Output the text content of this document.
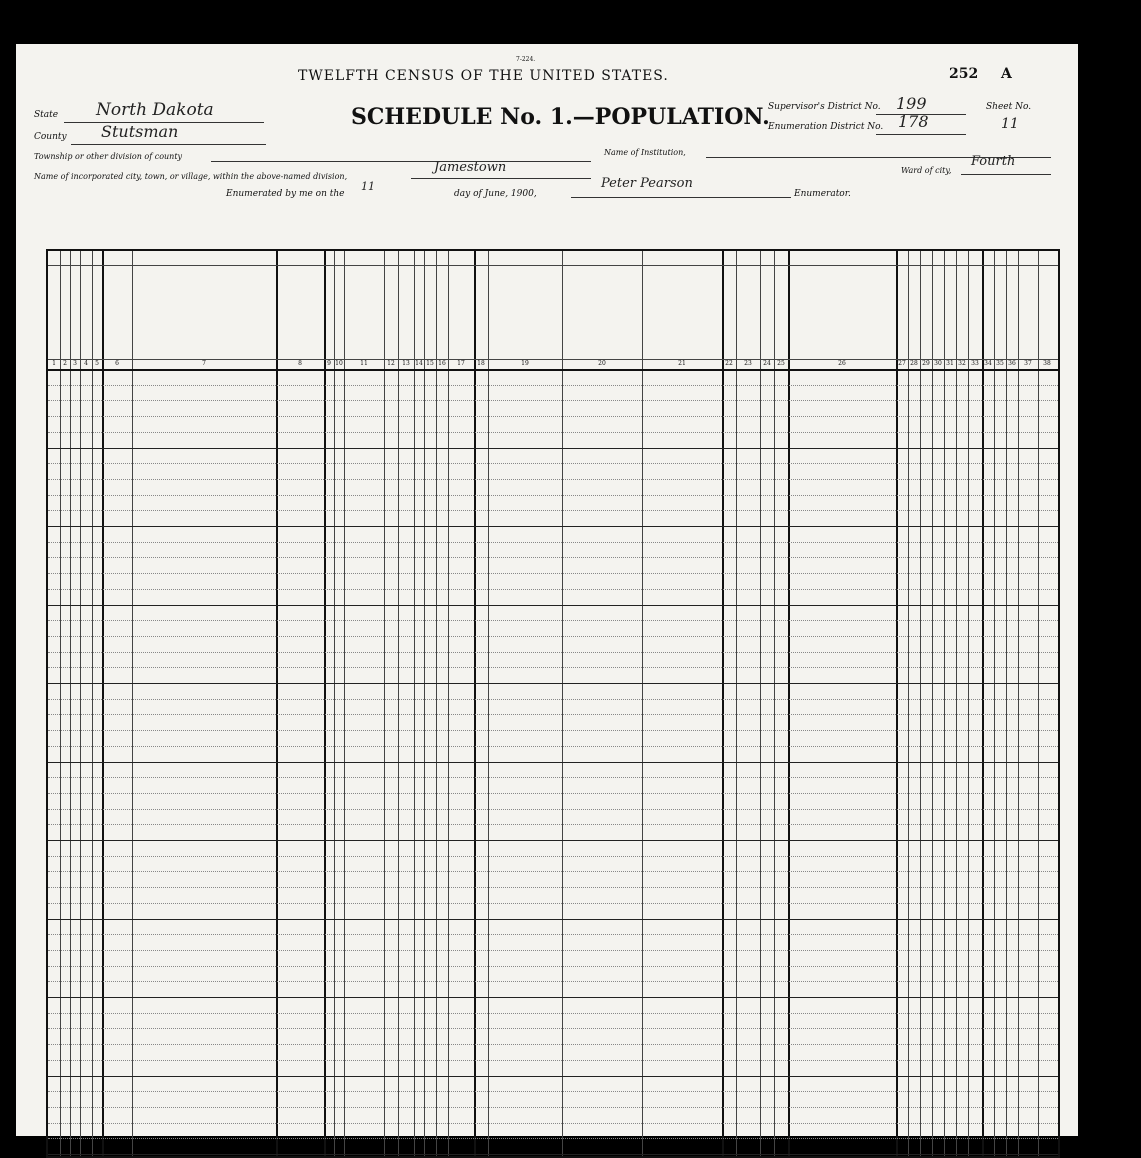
7-224.
TWELFTH CENSUS OF THE UNITED STATES.	252 A
SCHEDULE No. 1.—POPULATION.
State North Dakota
County Stutsman
Supervisor's District No. 199
Enumeration District No. 178
Sheet No.
11
Township or other division of county	Name of Institution,
Name of incorporated city, town, or village, within the above-named division,
Jamestown	Ward of city,
Fourth
Enumerated by me on the
11
day of June, 1900,
Peter Pearson
Enumerator.
1	2	3	4	5	6	7	8	9 10	11	12	13 14 15 16	17	18	19	20	21	22	23	24	25	26	27 28 29 30 31 32 33 34 35 36	37	38
